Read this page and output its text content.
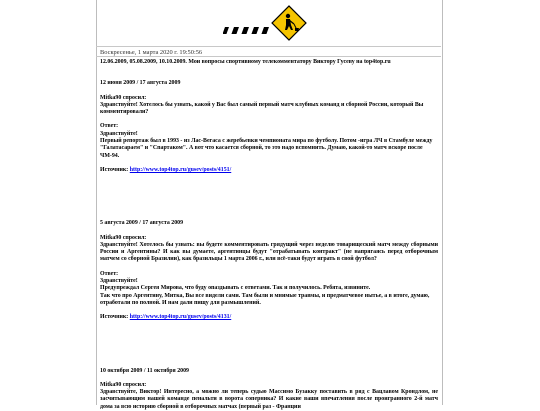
Воскресенье, 1 марта 2020 г. 19:50:56

12.06.2009, 05.08.2009, 10.10.2009. Мои вопросы спортивному телекомментатору Виктору Гусеву на top4top.ru

12 июня 2009 / 17 августа 2009

Mitka90 спросил:

Здравствуйте! Хотелось бы узнать, какой у Вас был самый первый матч клубных команд и сборной России, который Вы комментировали?

Ответ:

Здравствуйте!

Первый репортаж был в 1993 - из Лас-Вегаса с жеребьевки чемпионата мира по футболу. Потом -игра ЛЧ в Стамбуле между "Галатасараем" и "Спартаком". А вот что касается сборной, то это надо вспомнить. Думаю, какой-то матч вскоре после ЧМ-94.

Источник: http://www.top4top.ru/gusev/posts/4151/

5 августа 2009 / 17 августа 2009

Mitka90 спросил:

Здравствуйте! Хотелось бы узнать: вы будете комментировать грядущий через неделю товарищеский матч между сборными России и Аргентины? И как вы думаете, аргентинцы будут "отрабатывать контракт" (не напрягаясь перед отборочным матчем со сборной Бразилии), как бразильцы 1 марта 2006 г., или всё-таки будут играть в свой футбол?

Ответ:

Здравствуйте!

Предупреждал Сергея Мирова, что буду опаздывать с ответами. Так и получилось. Ребята, извините.

Так что про Аргентину, Митка, Вы все видели сами. Там были и мнимые травмы, и предматчевое нытье, а в итоге, думаю, отработали по полной. И нам дали пищу для размышлений.

Источник: http://www.top4top.ru/gusev/posts/4131/

10 октября 2009 / 11 октября 2009

Mitka90 спросил:

Здравствуйте, Виктор! Интересно, а можно ли теперь судью Массимо Бузакку поставить в ряд с Вацлавом Крондлом, не засчитывающим нашей команде пенальти в ворота соперника? И какие ваши впечатления после проигранного 2-й матч дома за всю историю сборной в отборочных матчах (первый раз - Франции
